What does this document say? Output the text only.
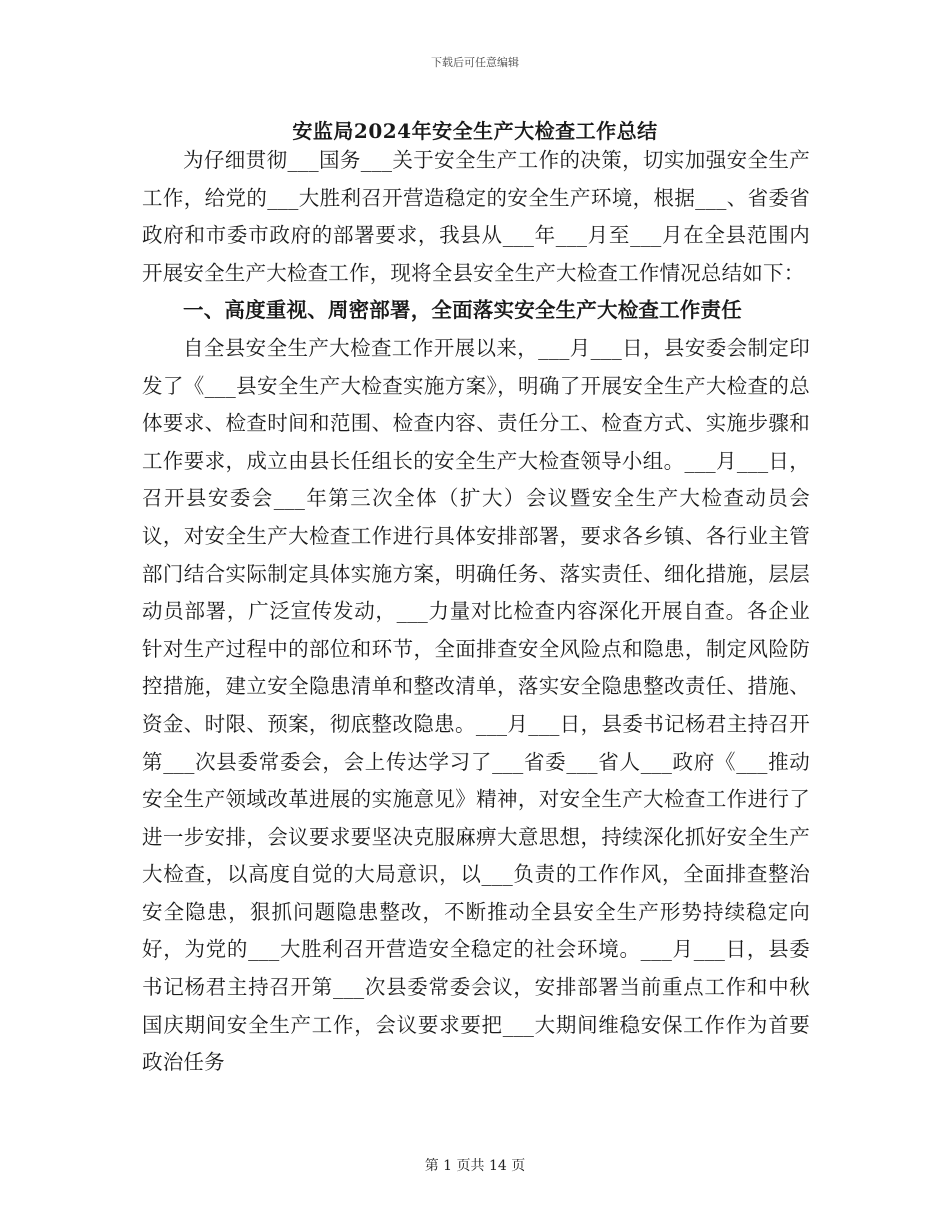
下载后可任意编辑
安监局2024年安全生产大检查工作总结

为仔细贯彻___国务___关于安全生产工作的决策，切实加强安全生产工作，给党的___大胜利召开营造稳定的安全生产环境，根据___、省委省政府和市委市政府的部署要求，我县从___年___月至___月在全县范围内开展安全生产大检查工作，现将全县安全生产大检查工作情况总结如下：

一、高度重视、周密部署，全面落实安全生产大检查工作责任

自全县安全生产大检查工作开展以来，___月___日，县安委会制定印发了《___县安全生产大检查实施方案》，明确了开展安全生产大检查的总体要求、检查时间和范围、检查内容、责任分工、检查方式、实施步骤和工作要求，成立由县长任组长的安全生产大检查领导小组。___月___日，召开县安委会___年第三次全体（扩大）会议暨安全生产大检查动员会议，对安全生产大检查工作进行具体安排部署，要求各乡镇、各行业主管部门结合实际制定具体实施方案，明确任务、落实责任、细化措施，层层动员部署，广泛宣传发动，___力量对比检查内容深化开展自查。各企业针对生产过程中的部位和环节，全面排查安全风险点和隐患，制定风险防控措施，建立安全隐患清单和整改清单，落实安全隐患整改责任、措施、资金、时限、预案，彻底整改隐患。___月___日，县委书记杨君主持召开第___次县委常委会，会上传达学习了___省委___省人___政府《___推动安全生产领域改革进展的实施意见》精神，对安全生产大检查工作进行了进一步安排，会议要求要坚决克服麻痹大意思想，持续深化抓好安全生产大检查，以高度自觉的大局意识，以___负责的工作作风，全面排查整治安全隐患，狠抓问题隐患整改，不断推动全县安全生产形势持续稳定向好，为党的___大胜利召开营造安全稳定的社会环境。___月___日，县委书记杨君主持召开第___次县委常委会议，安排部署当前重点工作和中秋国庆期间安全生产工作，会议要求要把___大期间维稳安保工作作为首要政治任务

第 1 页共 14 页
